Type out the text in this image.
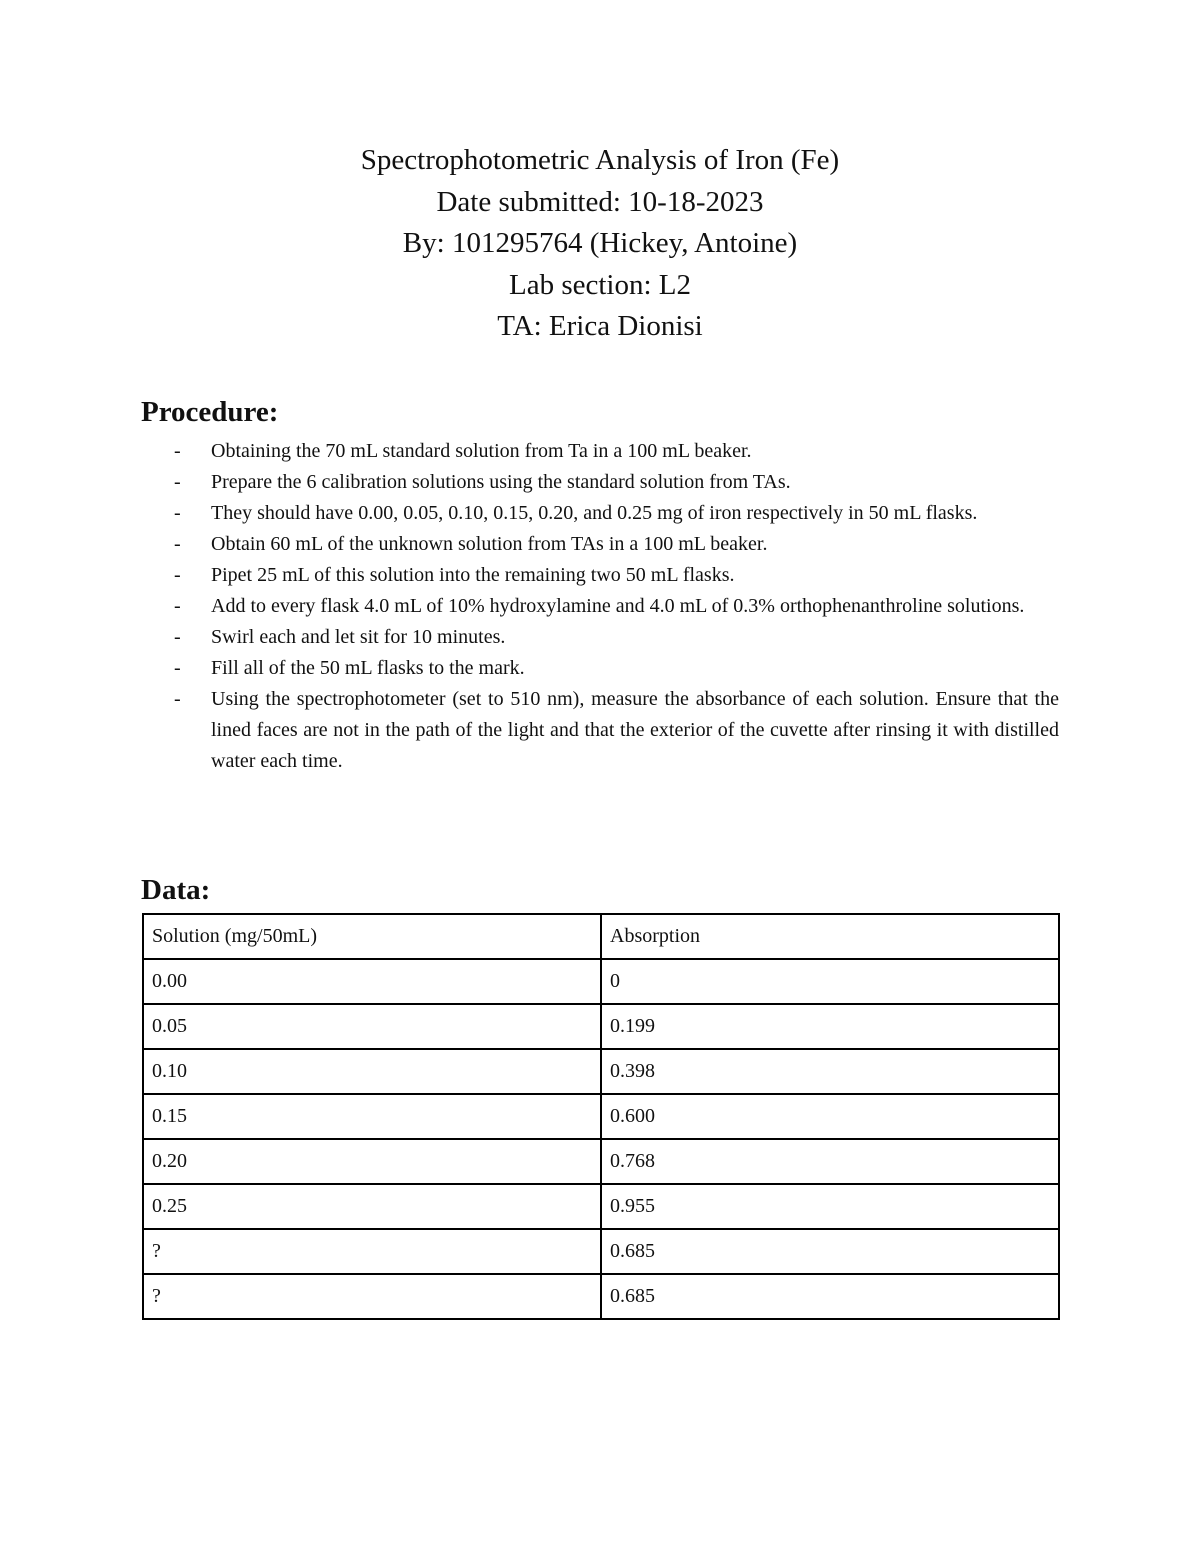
Spectrophotometric Analysis of Iron (Fe)
Date submitted: 10-18-2023
By: 101295764 (Hickey, Antoine)
Lab section: L2
TA: Erica Dionisi
Procedure:
- Obtaining the 70 mL standard solution from Ta in a 100 mL beaker.
- Prepare the 6 calibration solutions using the standard solution from TAs.
- They should have 0.00, 0.05, 0.10, 0.15, 0.20, and 0.25 mg of iron respectively in 50 mL flasks.
- Obtain 60 mL of the unknown solution from TAs in a 100 mL beaker.
- Pipet 25 mL of this solution into the remaining two 50 mL flasks.
- Add to every flask 4.0 mL of 10% hydroxylamine and 4.0 mL of 0.3% orthophenanthroline solutions.
- Swirl each and let sit for 10 minutes.
- Fill all of the 50 mL flasks to the mark.
- Using the spectrophotometer (set to 510 nm), measure the absorbance of each solution. Ensure that the lined faces are not in the path of the light and that the exterior of the cuvette after rinsing it with distilled water each time.
Data:
Solution (mg/50mL)	Absorption
0.00	0
0.05	0.199
0.10	0.398
0.15	0.600
0.20	0.768
0.25	0.955
?	0.685
?	0.685
